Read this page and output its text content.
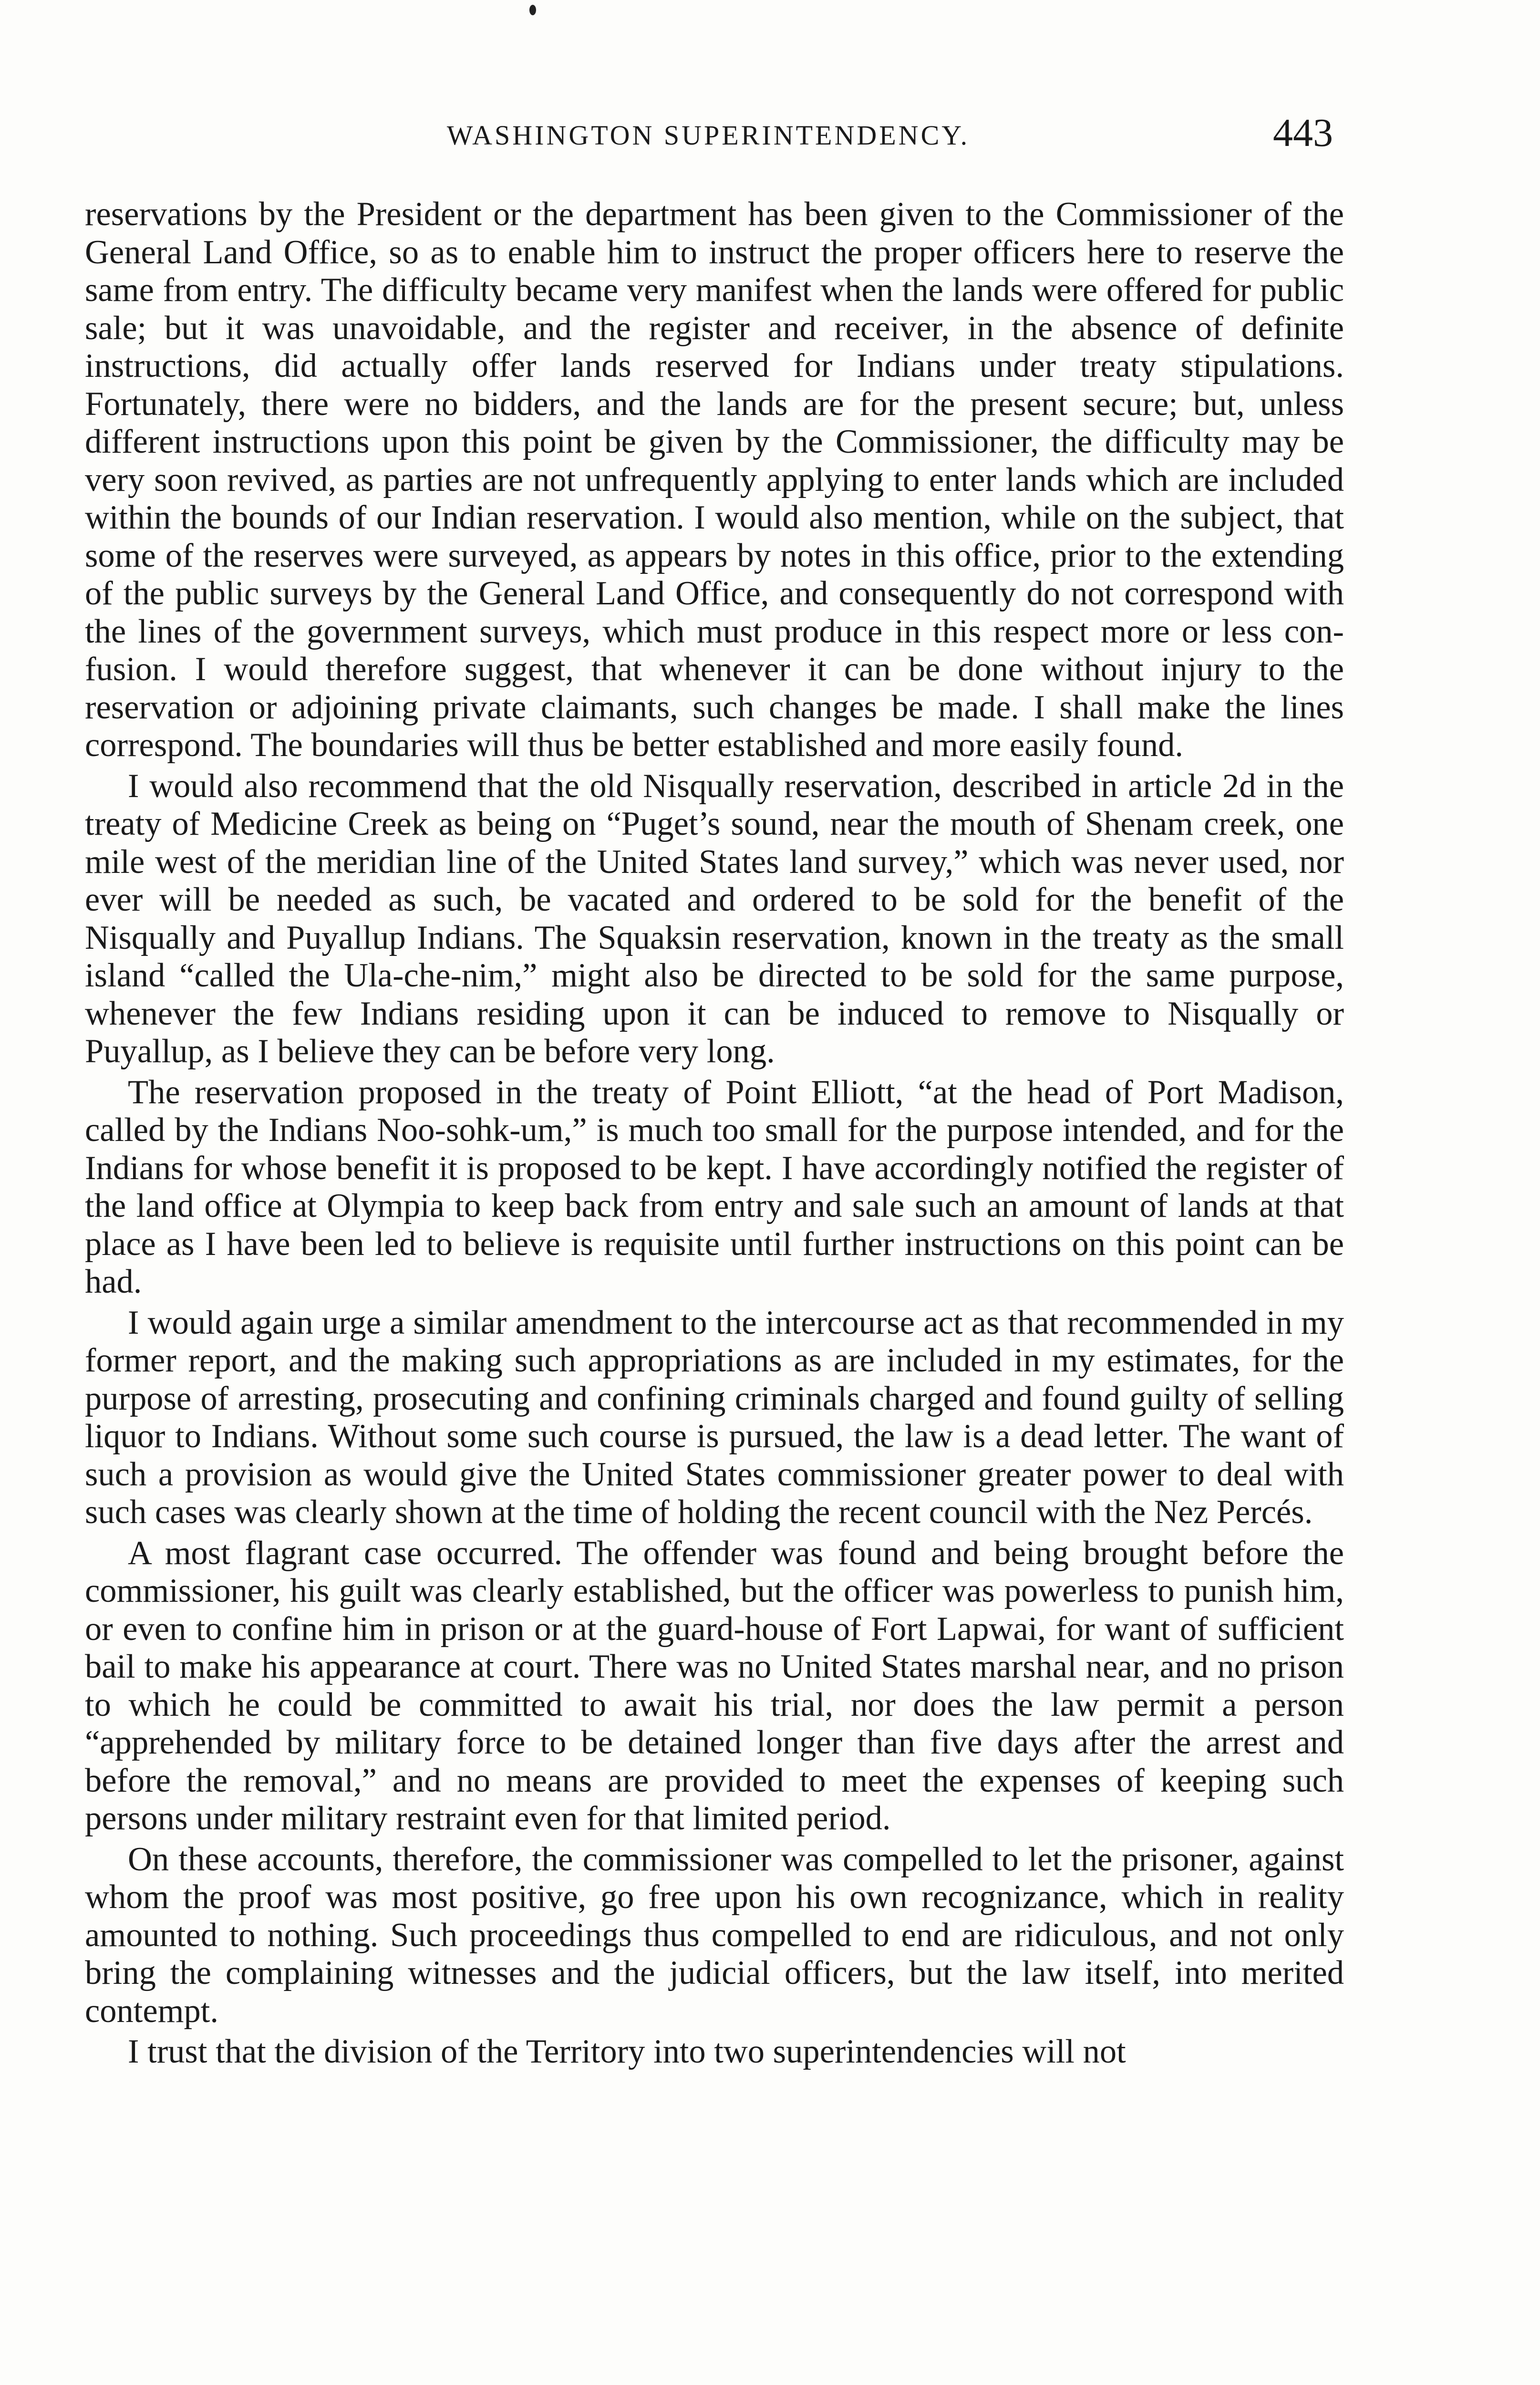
WASHINGTON SUPERINTENDENCY.	443

reservations by the President or the department has been given to the Commissioner of the General Land Office, so as to enable him to instruct the proper officers here to reserve the same from entry. The difficulty became very manifest when the lands were offered for public sale; but it was unavoidable, and the register and receiver, in the absence of definite instructions, did actually offer lands reserved for Indians under treaty stipulations. Fortunately, there were no bidders, and the lands are for the present secure; but, unless different instructions upon this point be given by the Commissioner, the difficulty may be very soon revived, as parties are not unfrequently applying to enter lands which are included within the bounds of our Indian reservation. I would also mention, while on the subject, that some of the reserves were surveyed, as appears by notes in this office, prior to the extending of the public surveys by the General Land Office, and consequently do not correspond with the lines of the government surveys, which must produce in this respect more or less confusion. I would therefore suggest, that whenever it can be done without injury to the reservation or adjoining private claimants, such changes be made. I shall make the lines correspond. The boundaries will thus be better established and more easily found.

I would also recommend that the old Nisqually reservation, described in article 2d in the treaty of Medicine Creek as being on “Puget’s sound, near the mouth of Shenam creek, one mile west of the meridian line of the United States land survey,” which was never used, nor ever will be needed as such, be vacated and ordered to be sold for the benefit of the Nisqually and Puyallup Indians. The Squaksin reservation, known in the treaty as the small island “called the Ula-che-nim,” might also be directed to be sold for the same purpose, whenever the few Indians residing upon it can be induced to remove to Nisqually or Puyallup, as I believe they can be before very long.

The reservation proposed in the treaty of Point Elliott, “at the head of Port Madison, called by the Indians Noo-sohk-um,” is much too small for the purpose intended, and for the Indians for whose benefit it is proposed to be kept. I have accordingly notified the register of the land office at Olympia to keep back from entry and sale such an amount of lands at that place as I have been led to believe is requisite until further instructions on this point can be had.

I would again urge a similar amendment to the intercourse act as that recommended in my former report, and the making such appropriations as are included in my estimates, for the purpose of arresting, prosecuting and confining criminals charged and found guilty of selling liquor to Indians. Without some such course is pursued, the law is a dead letter. The want of such a provision as would give the United States commissioner greater power to deal with such cases was clearly shown at the time of holding the recent council with the Nez Percés.

A most flagrant case occurred. The offender was found and being brought before the commissioner, his guilt was clearly established, but the officer was powerless to punish him, or even to confine him in prison or at the guard-house of Fort Lapwai, for want of sufficient bail to make his appearance at court. There was no United States marshal near, and no prison to which he could be committed to await his trial, nor does the law permit a person “apprehended by military force to be detained longer than five days after the arrest and before the removal,” and no means are provided to meet the expenses of keeping such persons under military restraint even for that limited period.

On these accounts, therefore, the commissioner was compelled to let the prisoner, against whom the proof was most positive, go free upon his own recognizance, which in reality amounted to nothing. Such proceedings thus compelled to end are ridiculous, and not only bring the complaining witnesses and the judicial officers, but the law itself, into merited contempt.

I trust that the division of the Territory into two superintendencies will not
